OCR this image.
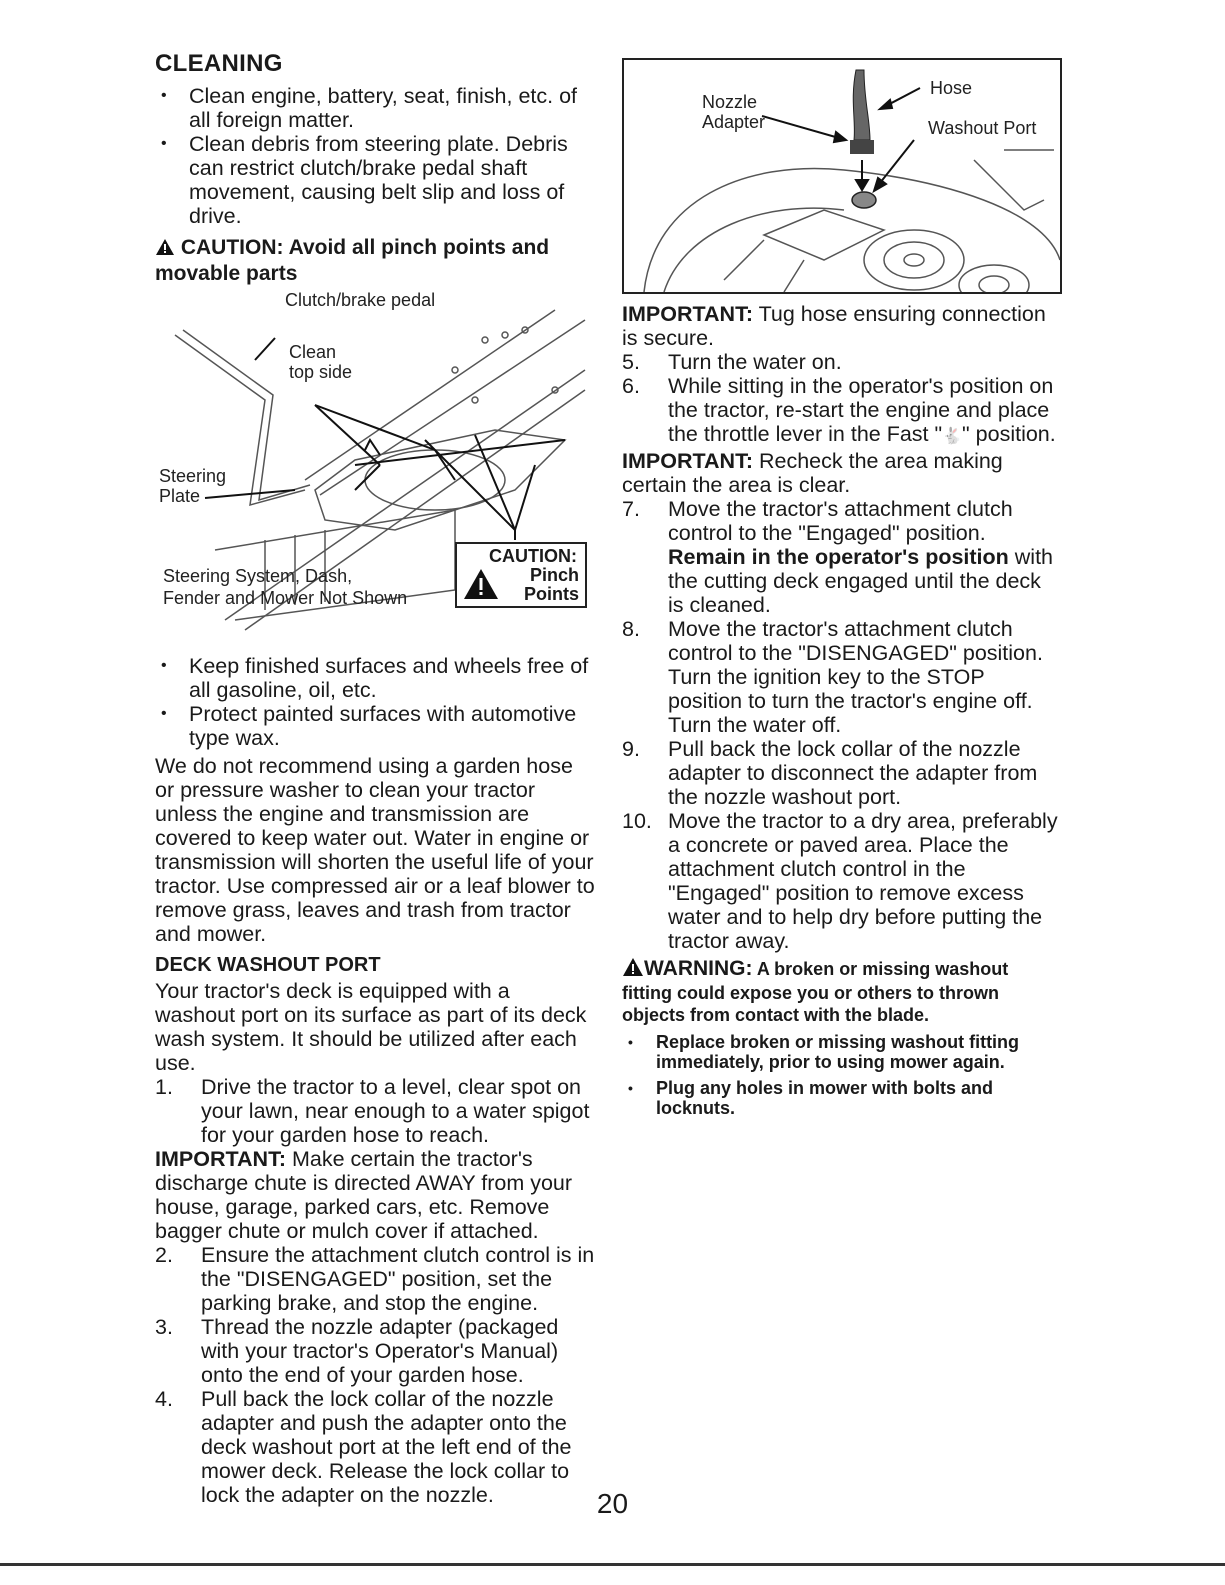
CLEANING
• Clean engine, battery, seat, finish, etc. of all foreign matter.
• Clean debris from steering plate. Debris can restrict clutch/brake pedal shaft movement, causing belt slip and loss of drive.

CAUTION: Avoid all pinch points and movable parts

Clutch/brake pedal
Clean
top side
Steering
Plate
Steering System, Dash,
Fender and Mower Not Shown
CAUTION:
Pinch
Points
• Keep finished surfaces and wheels free of all gasoline, oil, etc.
• Protect painted surfaces with automotive type wax.

We do not recommend using a garden hose or pressure washer to clean your tractor unless the engine and transmission are covered to keep water out. Water in engine or transmission will shorten the useful life of your tractor. Use compressed air or a leaf blower to remove grass, leaves and trash from tractor and mower.

DECK WASHOUT PORT

Your tractor's deck is equipped with a washout port on its surface as part of its deck wash system. It should be utilized after each use.

1. Drive the tractor to a level, clear spot on your lawn, near enough to a water spigot for your garden hose to reach.

IMPORTANT: Make certain the tractor's discharge chute is directed AWAY from your house, garage, parked cars, etc. Remove bagger chute or mulch cover if attached.

2. Ensure the attachment clutch control is in the "DISENGAGED" position, set the parking brake, and stop the engine.
3. Thread the nozzle adapter (packaged with your tractor's Operator's Manual) onto the end of your garden hose.
4. Pull back the lock collar of the nozzle adapter and push the adapter onto the deck washout port at the left end of the mower deck. Release the lock collar to lock the adapter on the nozzle.
Nozzle
Adapter
Hose
Washout Port

IMPORTANT: Tug hose ensuring connection is secure.

5. Turn the water on.
6. While sitting in the operator's position on the tractor, re-start the engine and place the throttle lever in the Fast "🐇" position.

IMPORTANT: Recheck the area making certain the area is clear.

7. Move the tractor's attachment clutch control to the "Engaged" position. Remain in the operator's position with the cutting deck engaged until the deck is cleaned.
8. Move the tractor's attachment clutch control to the "DISENGAGED" position. Turn the ignition key to the STOP position to turn the tractor's engine off. Turn the water off.
9. Pull back the lock collar of the nozzle adapter to disconnect the adapter from the nozzle washout port.
10. Move the tractor to a dry area, preferably a concrete or paved area. Place the attachment clutch control in the "Engaged" position to remove excess water and to help dry before putting the tractor away.

WARNING: A broken or missing washout fitting could expose you or others to thrown objects from contact with the blade.

• Replace broken or missing washout fitting immediately, prior to using mower again.
• Plug any holes in mower with bolts and locknuts.
20
